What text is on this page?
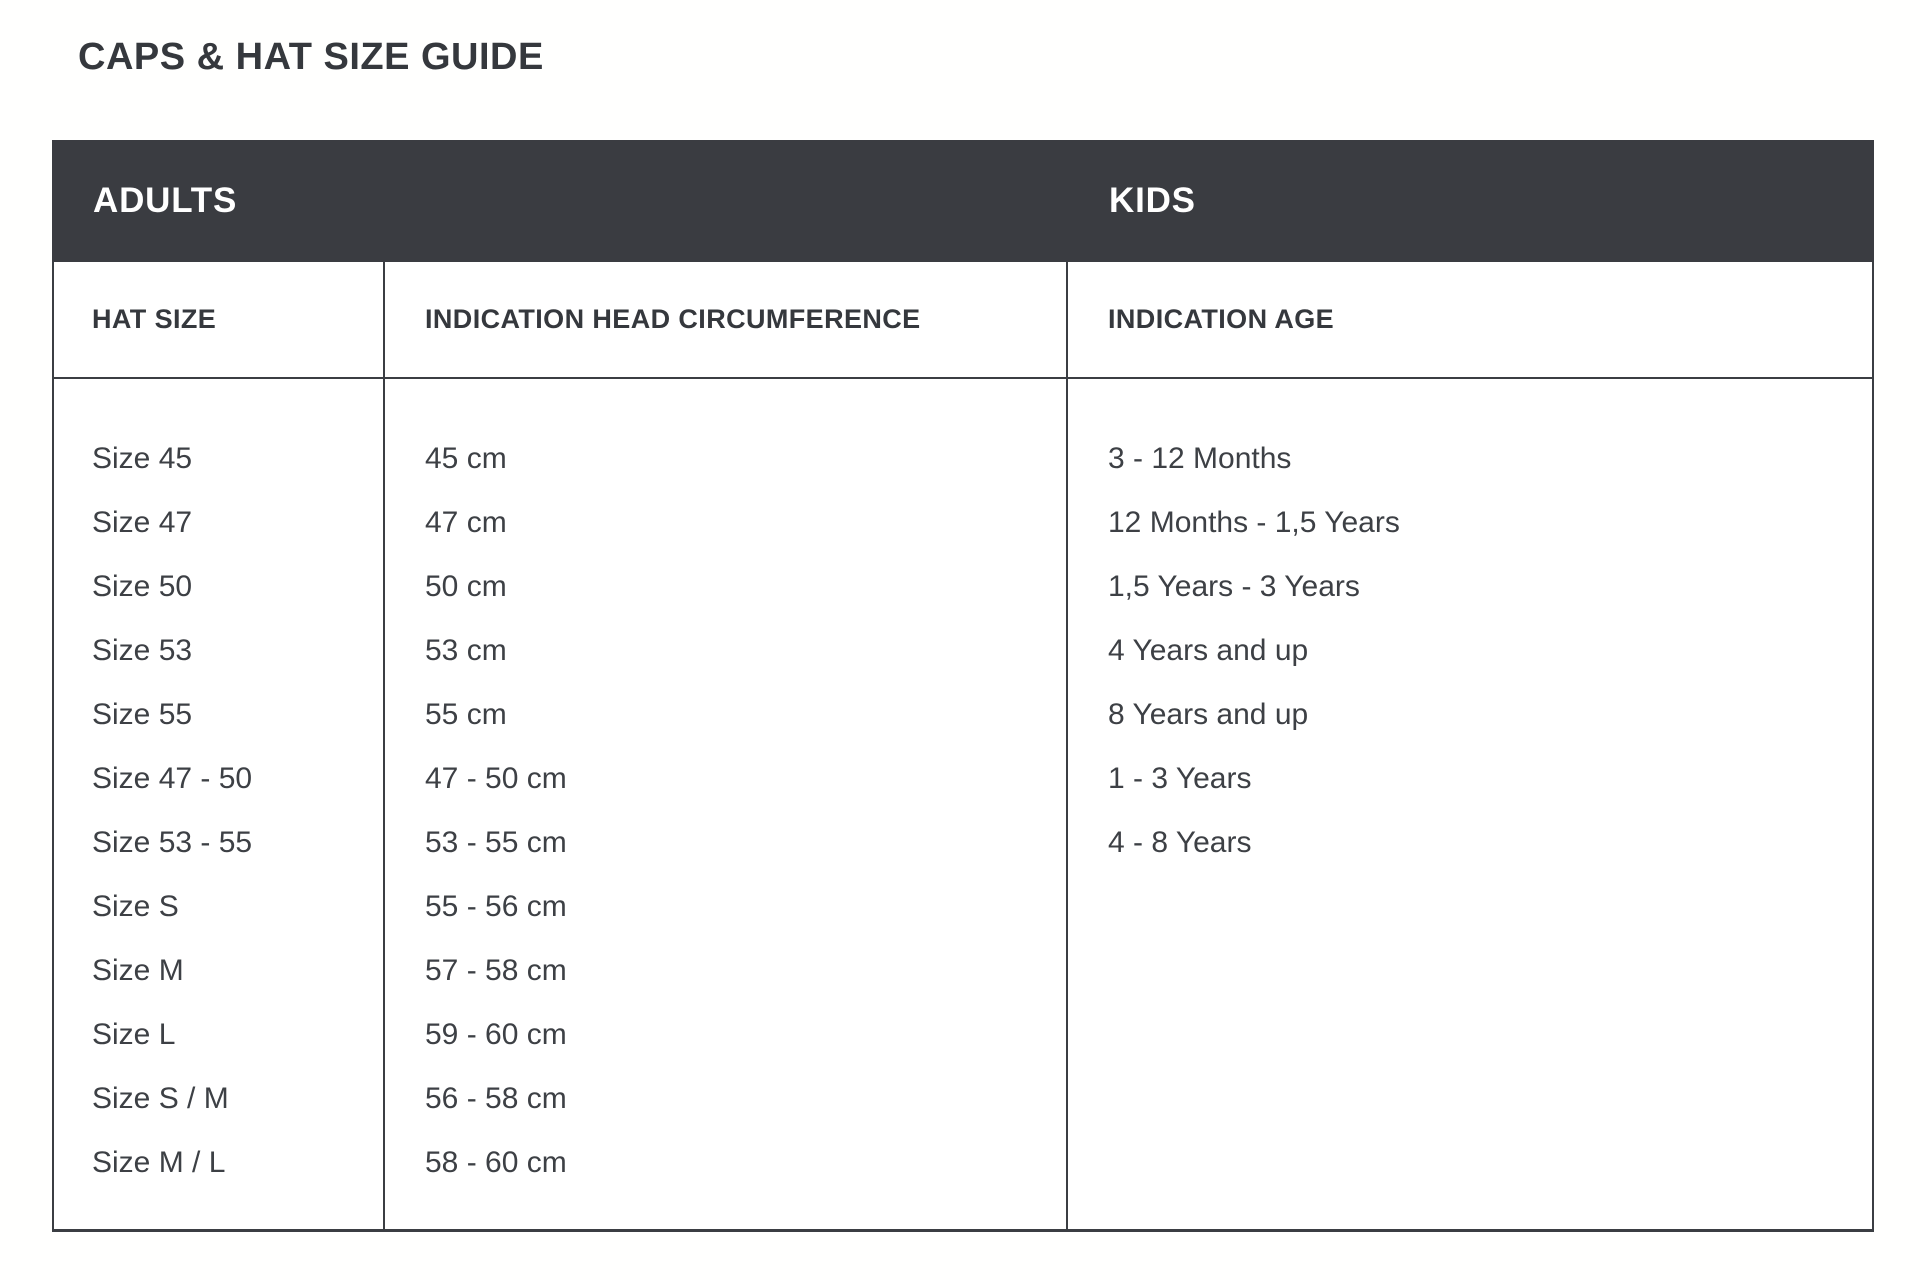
CAPS & HAT SIZE GUIDE
ADULTS	KIDS
HAT SIZE
Size 45
Size 47
Size 50
Size 53
Size 55
Size 47 - 50
Size 53 - 55
Size S
Size M
Size L
Size S / M
Size M / L
INDICATION HEAD CIRCUMFERENCE
45 cm
47 cm
50 cm
53 cm
55 cm
47 - 50 cm
53 - 55 cm
55 - 56 cm
57 - 58 cm
59 - 60 cm
56 - 58 cm
58 - 60 cm
INDICATION AGE
3 - 12 Months
12 Months - 1,5 Years
1,5 Years - 3 Years
4 Years and up
8 Years and up
1 - 3 Years
4 - 8 Years
